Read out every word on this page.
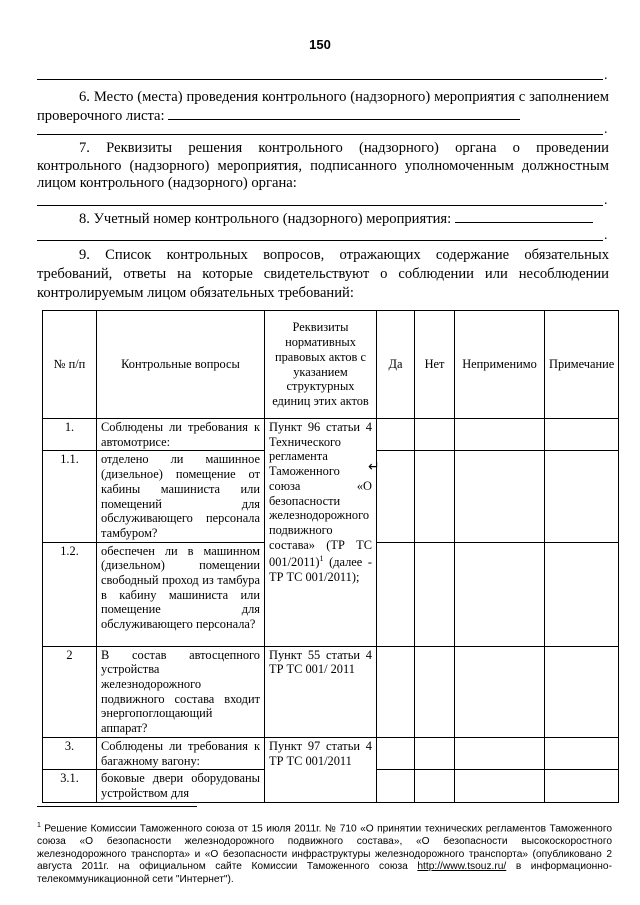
150
.
6. Место (места) проведения контрольного (надзорного) мероприятия с заполнением проверочного листа:
.
7. Реквизиты решения контрольного (надзорного) органа о проведении контрольного (надзорного) мероприятия, подписанного уполномоченным должностным лицом контрольного (надзорного) органа:
.
8. Учетный номер контрольного (надзорного) мероприятия:
.
9. Список контрольных вопросов, отражающих содержание обязательных требований, ответы на которые свидетельствуют о соблюдении или несоблюдении контролируемым лицом обязательных требований:
№ п/п	Контрольные вопросы	Реквизиты нормативных правовых актов с указанием структурных единиц этих актов	Да	Нет	Неприменимо	Примечание
1.	Соблюдены ли требования к автомотрисе:	Пункт 96 статьи 4 Технического регламента Таможенного союза «О безопасности железнодорожного подвижного состава» (ТР ТС 001/2011)$^1$ (далее - ТР ТС 001/2011);				
1.1.	отделено ли машинное (дизельное) помещение от кабины машиниста или помещений для обслуживающего персонала тамбуром?					
1.2.	обеспечен ли в машинном (дизельном) помещении свободный проход из тамбура в кабину машиниста или помещение для обслуживающего персонала?					
2	В состав автосцепного устройства железнодорожного подвижного состава входит энергопоглощающий аппарат?	Пункт 55 статьи 4 ТР ТС 001/ 2011				
3.	Соблюдены ли требования к багажному вагону:	Пункт 97 статьи 4 ТР ТС 001/2011				
3.1.	боковые двери оборудованы устройством для					
↵
$^1$ Решение Комиссии Таможенного союза от 15 июля 2011г. № 710 «О принятии технических регламентов Таможенного союза «О безопасности железнодорожного подвижного состава», «О безопасности высокоскоростного железнодорожного транспорта» и «О безопасности инфраструктуры железнодорожного транспорта» (опубликовано 2 августа 2011г. на официальном сайте Комиссии Таможенного союза http://www.tsouz.ru/ в информационно-телекоммуникационной сети "Интернет").
